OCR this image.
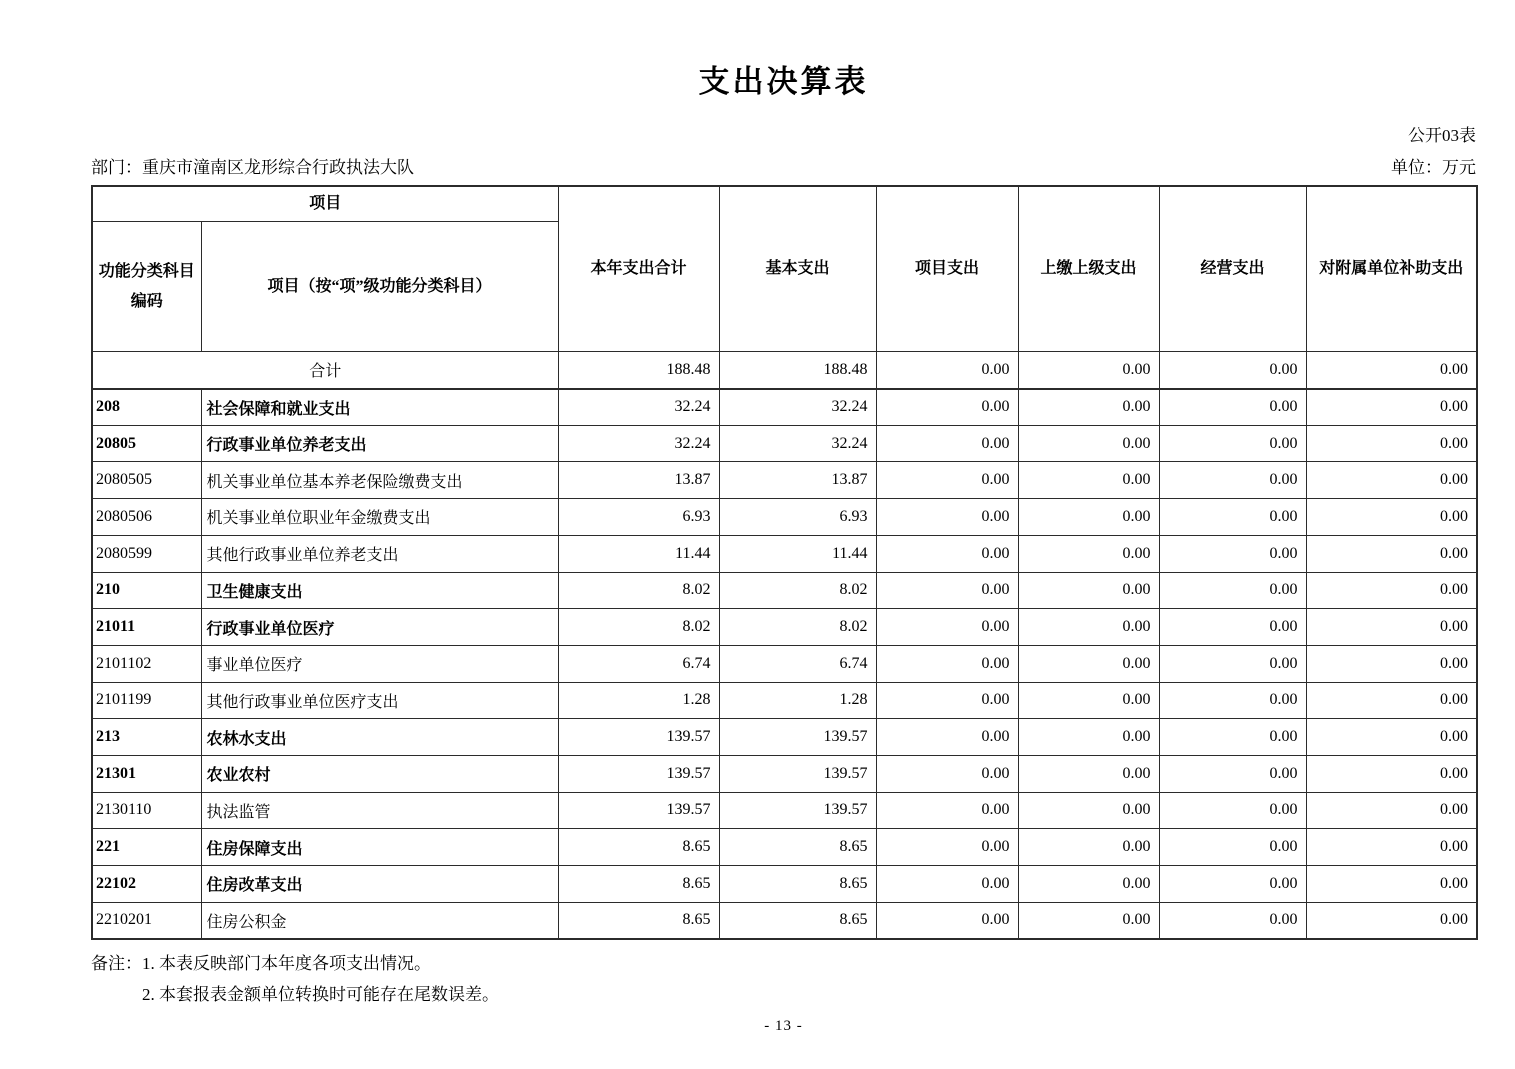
支出决算表
公开03表
部门：重庆市潼南区龙形综合行政执法大队	单位：万元
项目		本年支出合计	基本支出	项目支出	上缴上级支出	经营支出	对附属单位补助支出
功能分类科目编码	项目（按“项”级功能分类科目）						
合计		188.48	188.48	0.00	0.00	0.00	0.00
208	社会保障和就业支出	32.24	32.24	0.00	0.00	0.00	0.00
20805	行政事业单位养老支出	32.24	32.24	0.00	0.00	0.00	0.00
2080505	机关事业单位基本养老保险缴费支出	13.87	13.87	0.00	0.00	0.00	0.00
2080506	机关事业单位职业年金缴费支出	6.93	6.93	0.00	0.00	0.00	0.00
2080599	其他行政事业单位养老支出	11.44	11.44	0.00	0.00	0.00	0.00
210	卫生健康支出	8.02	8.02	0.00	0.00	0.00	0.00
21011	行政事业单位医疗	8.02	8.02	0.00	0.00	0.00	0.00
2101102	事业单位医疗	6.74	6.74	0.00	0.00	0.00	0.00
2101199	其他行政事业单位医疗支出	1.28	1.28	0.00	0.00	0.00	0.00
213	农林水支出	139.57	139.57	0.00	0.00	0.00	0.00
21301	农业农村	139.57	139.57	0.00	0.00	0.00	0.00
2130110	执法监管	139.57	139.57	0.00	0.00	0.00	0.00
221	住房保障支出	8.65	8.65	0.00	0.00	0.00	0.00
22102	住房改革支出	8.65	8.65	0.00	0.00	0.00	0.00
2210201	住房公积金	8.65	8.65	0.00	0.00	0.00	0.00
备注： 1. 本表反映部门本年度各项支出情况。
2. 本套报表金额单位转换时可能存在尾数误差。
- 13 -
